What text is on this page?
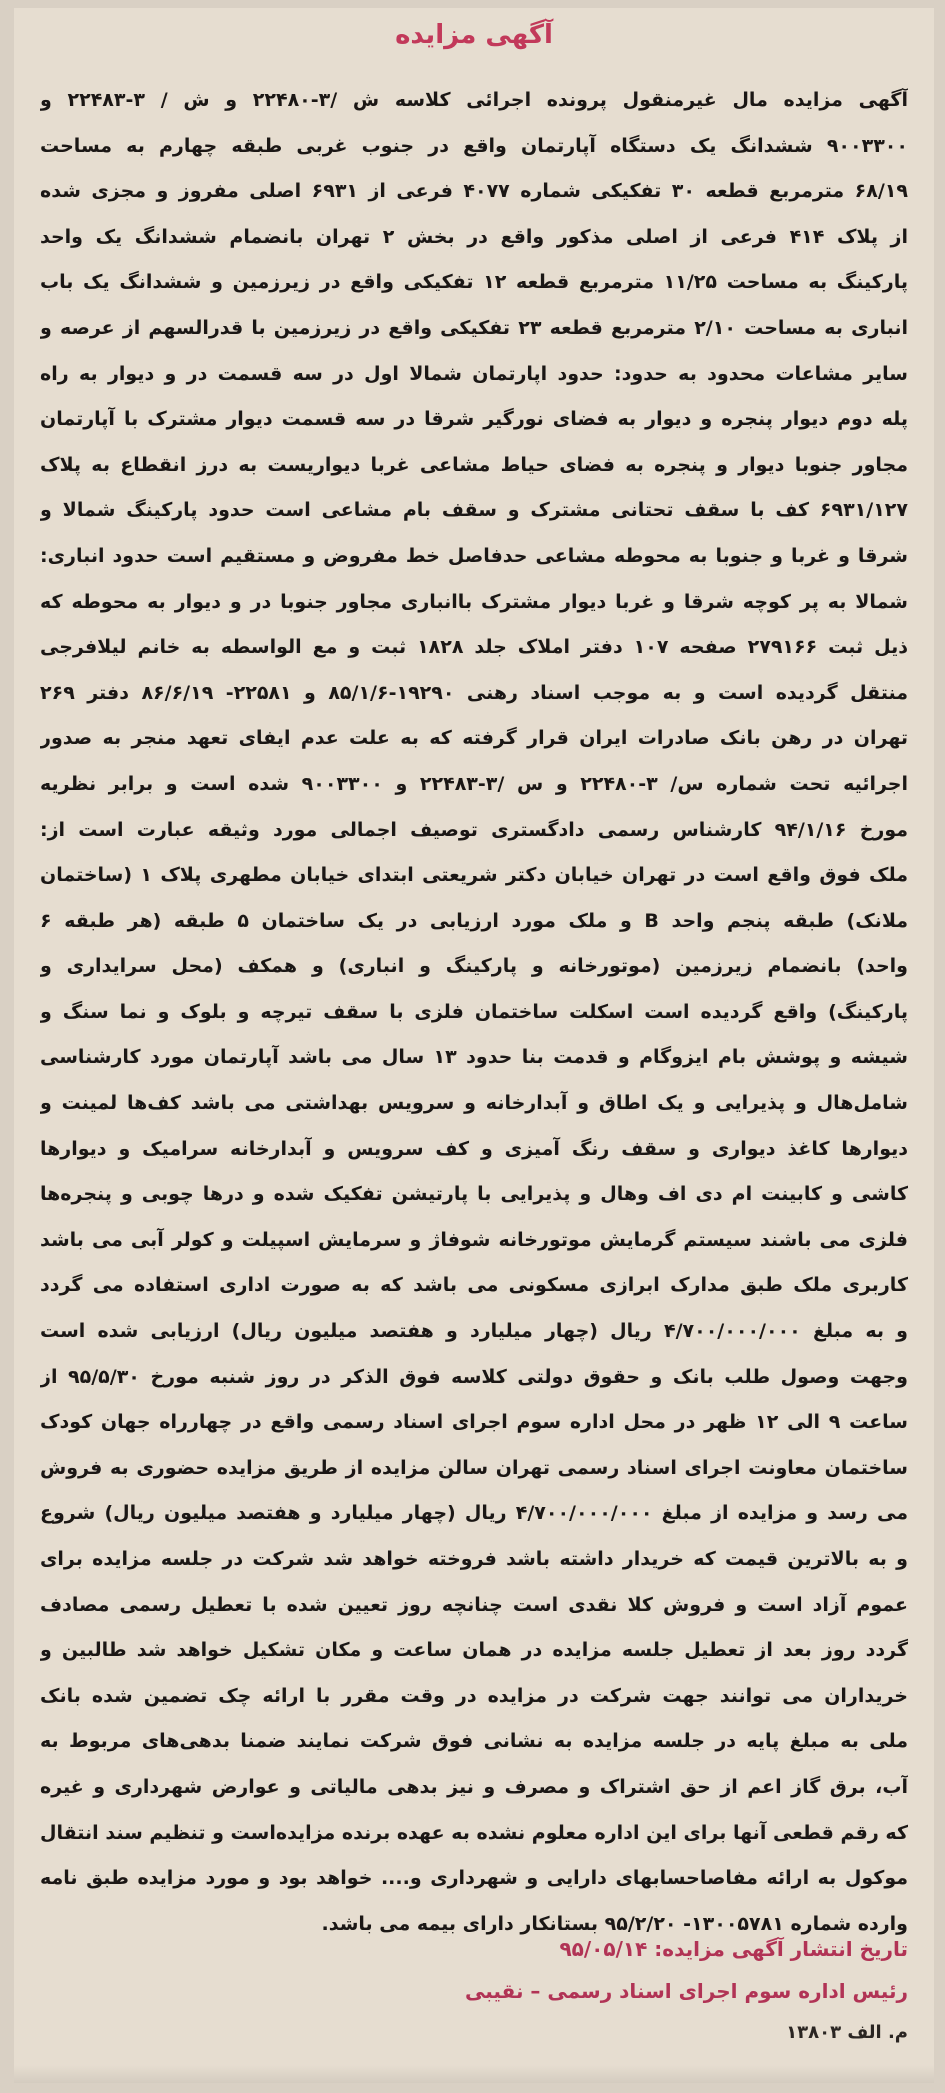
آگهی مزایده
آگهی مزایده مال غیرمنقول پرونده اجرائی کلاسه ش /۳-۲۲۴۸۰ و ش / ۳-۲۲۴۸۳ و
۹۰۰۳۳۰۰ ششدانگ یک دستگاه آپارتمان واقع در جنوب غربی طبقه چهارم به مساحت
۶۸/۱۹ مترمربع قطعه ۳۰ تفکیکی شماره ۴۰۷۷ فرعی از ۶۹۳۱ اصلی مفروز و مجزی شده
از پلاک ۴۱۴ فرعی از اصلی مذکور واقع در بخش ۲ تهران بانضمام ششدانگ یک واحد
پارکینگ به مساحت ۱۱/۲۵ مترمربع قطعه ۱۲ تفکیکی واقع در زیرزمین و ششدانگ یک باب
انباری به مساحت ۲/۱۰ مترمربع قطعه ۲۳ تفکیکی واقع در زیرزمین با قدرالسهم از عرصه و
سایر مشاعات محدود به حدود: حدود اپارتمان شمالا اول در سه قسمت در و دیوار به راه
پله دوم دیوار پنجره و دیوار به فضای نورگیر شرقا در سه قسمت دیوار مشترک با آپارتمان
مجاور جنوبا دیوار و پنجره به فضای حیاط مشاعی غربا دیواریست به درز انقطاع به پلاک
۶۹۳۱/۱۲۷ کف با سقف تحتانی مشترک و سقف بام مشاعی است حدود پارکینگ شمالا و
شرقا و غربا و جنوبا به محوطه مشاعی حدفاصل خط مفروض و مستقیم است حدود انباری:
شمالا به پر کوچه شرقا و غربا دیوار مشترک باانباری مجاور جنوبا در و دیوار به محوطه که
ذیل ثبت ۲۷۹۱۶۶ صفحه ۱۰۷ دفتر املاک جلد ۱۸۲۸ ثبت و مع الواسطه به خانم لیلافرجی
منتقل گردیده است و به موجب اسناد رهنی ۱۹۲۹۰-۸۵/۱/۶ و ۲۲۵۸۱- ۸۶/۶/۱۹ دفتر ۲۶۹
تهران در رهن بانک صادرات ایران قرار گرفته که به علت عدم ایفای تعهد منجر به صدور
اجرائیه تحت شماره س/ ۳-۲۲۴۸۰ و س /۳-۲۲۴۸۳ و ۹۰۰۳۳۰۰ شده است و برابر نظریه
مورخ ۹۴/۱/۱۶ کارشناس رسمی دادگستری توصیف اجمالی مورد وثیقه عبارت است از:
ملک فوق واقع است در تهران خیابان دکتر شریعتی ابتدای خیابان مطهری پلاک ۱ (ساختمان
ملانک) طبقه پنجم واحد B و ملک مورد ارزیابی در یک ساختمان ۵ طبقه (هر طبقه ۶
واحد) بانضمام زیرزمین (موتورخانه و پارکینگ و انباری) و همکف (محل سرایداری و
پارکینگ) واقع گردیده است اسکلت ساختمان فلزی با سقف تیرچه و بلوک و نما سنگ و
شیشه و پوشش بام ایزوگام و قدمت بنا حدود ۱۳ سال می باشد آپارتمان مورد کارشناسی
شامل‌هال و پذیرایی و یک اطاق و آبدارخانه و سرویس بهداشتی می باشد کف‌ها لمینت و
دیوارها کاغذ دیواری و سقف رنگ آمیزی و کف سرویس و آبدارخانه سرامیک و دیوارها
کاشی و کابینت ام دی اف وهال و پذیرایی با پارتیشن تفکیک شده و درها چوبی و پنجره‌ها
فلزی می باشند سیستم گرمایش موتورخانه شوفاژ و سرمایش اسپیلت و کولر آبی می باشد
کاربری ملک طبق مدارک ابرازی مسکونی می باشد که به صورت اداری استفاده می گردد
و به مبلغ ۴/۷۰۰/۰۰۰/۰۰۰ ریال (چهار میلیارد و هفتصد میلیون ریال) ارزیابی شده است
وجهت وصول طلب بانک و حقوق دولتی کلاسه فوق الذکر در روز شنبه مورخ ۹۵/۵/۳۰ از
ساعت ۹ الی ۱۲ ظهر در محل اداره سوم اجرای اسناد رسمی واقع در چهارراه جهان کودک
ساختمان معاونت اجرای اسناد رسمی تهران سالن مزایده از طریق مزایده حضوری به فروش
می رسد و مزایده از مبلغ ۴/۷۰۰/۰۰۰/۰۰۰ ریال (چهار میلیارد و هفتصد میلیون ریال) شروع
و به بالاترین قیمت که خریدار داشته باشد فروخته خواهد شد شرکت در جلسه مزایده برای
عموم آزاد است و فروش کلا نقدی است چنانچه روز تعیین شده با تعطیل رسمی مصادف
گردد روز بعد از تعطیل جلسه مزایده در همان ساعت و مکان تشکیل خواهد شد طالبین و
خریداران می توانند جهت شرکت در مزایده در وقت مقرر با ارائه چک تضمین شده بانک
ملی به مبلغ پایه در جلسه مزایده به نشانی فوق شرکت نمایند ضمنا بدهی‌های مربوط به
آب، برق گاز اعم از حق اشتراک و مصرف و نیز بدهی مالیاتی و عوارض شهرداری و غیره
که رقم قطعی آنها برای این اداره معلوم نشده به عهده برنده مزایده‌است و تنظیم سند انتقال
موکول به ارائه مفاصاحسابهای دارایی و شهرداری و.... خواهد بود و مورد مزایده طبق نامه
وارده شماره ۱۳۰۰۵۷۸۱- ۹۵/۲/۲۰ بستانکار دارای بیمه می باشد.
تاریخ انتشار آگهی مزایده: ۹۵/۰۵/۱۴
رئیس اداره سوم اجرای اسناد رسمی – نقیبی
م. الف ۱۳۸۰۳
